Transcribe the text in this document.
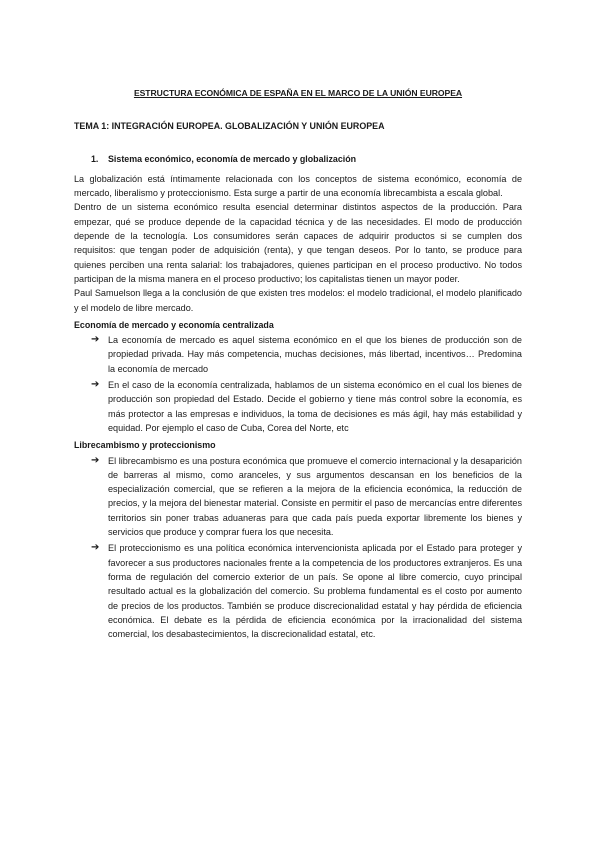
ESTRUCTURA ECONÓMICA DE ESPAÑA EN EL MARCO DE LA UNIÓN EUROPEA
TEMA 1: INTEGRACIÓN EUROPEA. GLOBALIZACIÓN Y UNIÓN EUROPEA
1.	Sistema económico, economía de mercado y globalización

La globalización está íntimamente relacionada con los conceptos de sistema económico, economía de mercado, liberalismo y proteccionismo. Esta surge a partir de una economía librecambista a escala global.

Dentro de un sistema económico resulta esencial determinar distintos aspectos de la producción. Para empezar, qué se produce depende de la capacidad técnica y de las necesidades. El modo de producción depende de la tecnología. Los consumidores serán capaces de adquirir productos si se cumplen dos requisitos: que tengan poder de adquisición (renta), y que tengan deseos. Por lo tanto, se produce para quienes perciben una renta salarial: los trabajadores, quienes participan en el proceso productivo. No todos participan de la misma manera en el proceso productivo; los capitalistas tienen un mayor poder.

Paul Samuelson llega a la conclusión de que existen tres modelos: el modelo tradicional, el modelo planificado y el modelo de libre mercado.

Economía de mercado y economía centralizada
➔ La economía de mercado es aquel sistema económico en el que los bienes de producción son de propiedad privada. Hay más competencia, muchas decisiones, más libertad, incentivos… Predomina la economía de mercado
➔ En el caso de la economía centralizada, hablamos de un sistema económico en el cual los bienes de producción son propiedad del Estado. Decide el gobierno y tiene más control sobre la economía, es más protector a las empresas e individuos, la toma de decisiones es más ágil, hay más estabilidad y equidad. Por ejemplo el caso de Cuba, Corea del Norte, etc
Librecambismo y proteccionismo
➔ El librecambismo es una postura económica que promueve el comercio internacional y la desaparición de barreras al mismo, como aranceles, y sus argumentos descansan en los beneficios de la especialización comercial, que se refieren a la mejora de la eficiencia económica, la reducción de precios, y la mejora del bienestar material. Consiste en permitir el paso de mercancías entre diferentes territorios sin poner trabas aduaneras para que cada país pueda exportar libremente los bienes y servicios que produce y comprar fuera los que necesita.
➔ El proteccionismo es una política económica intervencionista aplicada por el Estado para proteger y favorecer a sus productores nacionales frente a la competencia de los productores extranjeros. Es una forma de regulación del comercio exterior de un país. Se opone al libre comercio, cuyo principal resultado actual es la globalización del comercio. Su problema fundamental es el costo por aumento de precios de los productos. También se produce discrecionalidad estatal y hay pérdida de eficiencia económica. El debate es la pérdida de eficiencia económica por la irracionalidad del sistema comercial, los desabastecimientos, la discrecionalidad estatal, etc.
